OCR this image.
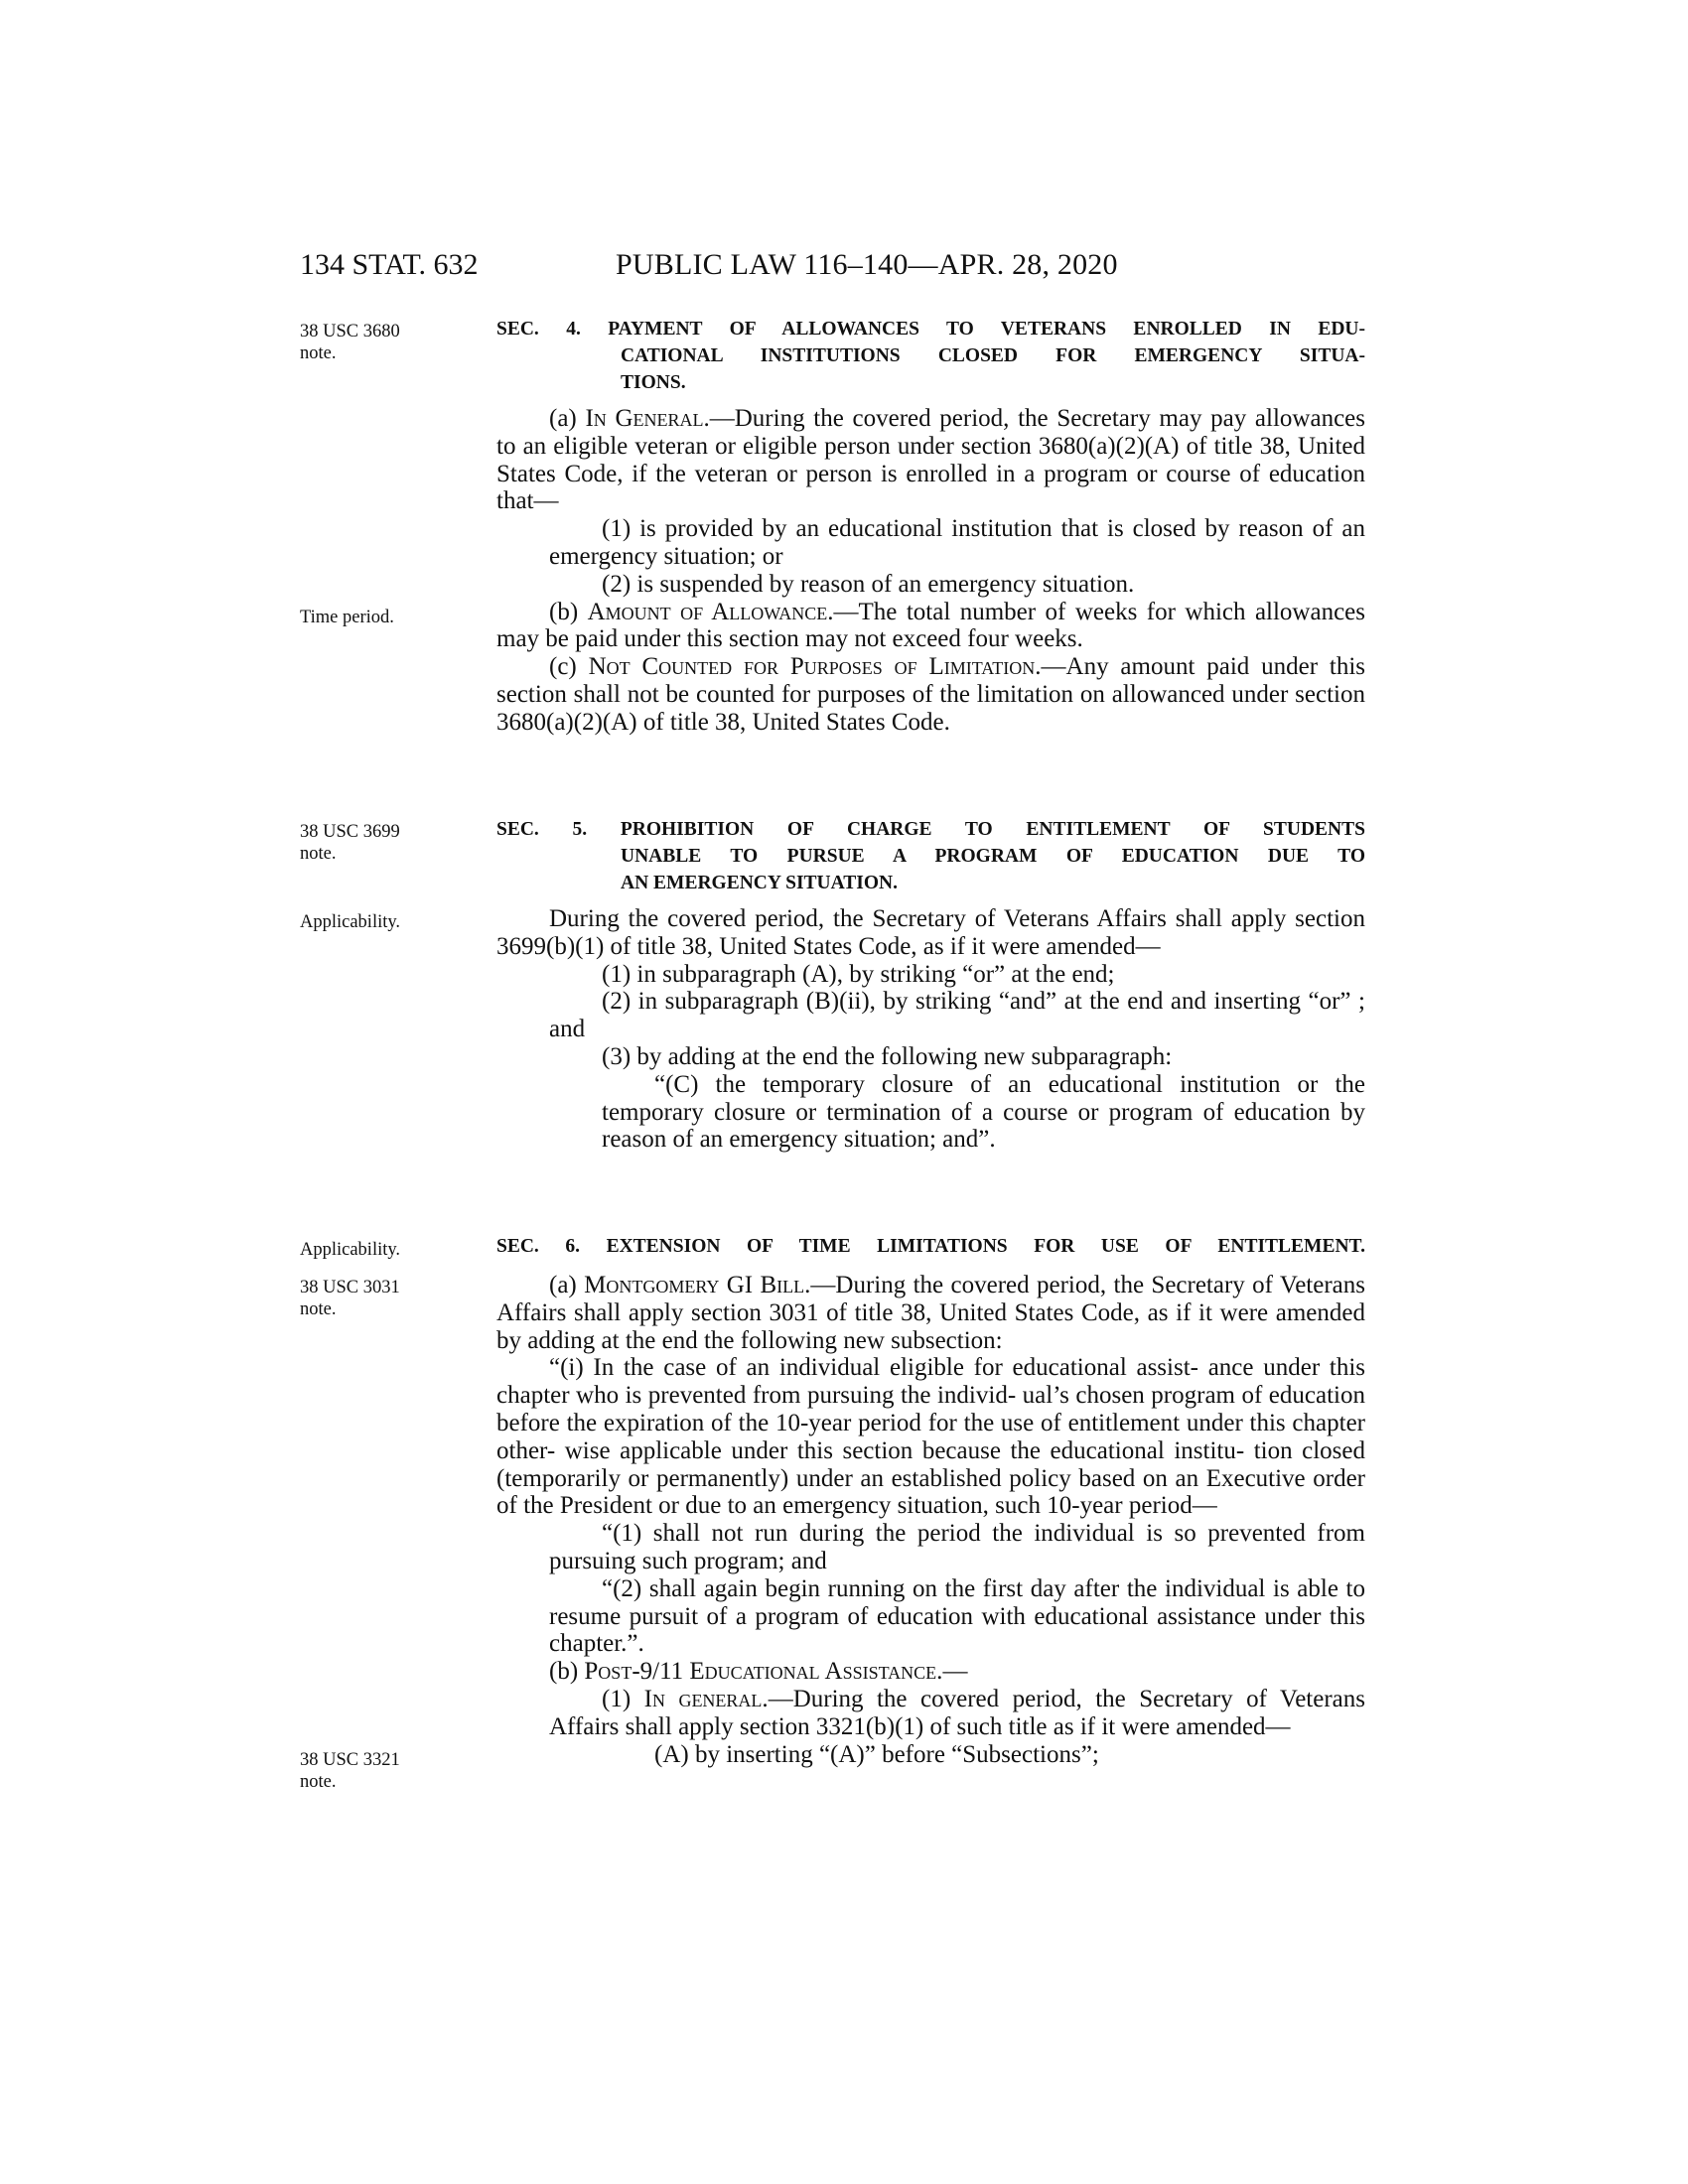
134 STAT. 632	PUBLIC LAW 116–140—APR. 28, 2020
38 USC 3680
note.
Time period.
38 USC 3699
note.
Applicability.
Applicability.
38 USC 3031
note.
38 USC 3321
note.
SEC. 4. PAYMENT OF ALLOWANCES TO VETERANS ENROLLED IN EDU-
CATIONAL INSTITUTIONS CLOSED FOR EMERGENCY SITUA-
TIONS.

(a) In General.—During the covered period, the Secretary may pay allowances to an eligible veteran or eligible person under section 3680(a)(2)(A) of title 38, United States Code, if the veteran or person is enrolled in a program or course of education that—

(1) is provided by an educational institution that is closed by reason of an emergency situation; or

(2) is suspended by reason of an emergency situation.

(b) Amount of Allowance.—The total number of weeks for which allowances may be paid under this section may not exceed four weeks.

(c) Not Counted for Purposes of Limitation.—Any amount paid under this section shall not be counted for purposes of the limitation on allowanced under section 3680(a)(2)(A) of title 38, United States Code.

SEC. 5. PROHIBITION OF CHARGE TO ENTITLEMENT OF STUDENTS
UNABLE TO PURSUE A PROGRAM OF EDUCATION DUE TO
AN EMERGENCY SITUATION.

During the covered period, the Secretary of Veterans Affairs shall apply section 3699(b)(1) of title 38, United States Code, as if it were amended—

(1) in subparagraph (A), by striking “or” at the end;

(2) in subparagraph (B)(ii), by striking “and” at the end and inserting “or” ; and

(3) by adding at the end the following new subparagraph:

“(C) the temporary closure of an educational institution or the temporary closure or termination of a course or program of education by reason of an emergency situation; and”.

SEC. 6. EXTENSION OF TIME LIMITATIONS FOR USE OF ENTITLEMENT.

(a) Montgomery GI Bill.—During the covered period, the Secretary of Veterans Affairs shall apply section 3031 of title 38, United States Code, as if it were amended by adding at the end the following new subsection:

“(i) In the case of an individual eligible for educational assist- ance under this chapter who is prevented from pursuing the individ- ual’s chosen program of education before the expiration of the 10-year period for the use of entitlement under this chapter other- wise applicable under this section because the educational institu- tion closed (temporarily or permanently) under an established policy based on an Executive order of the President or due to an emergency situation, such 10-year period—

“(1) shall not run during the period the individual is so prevented from pursuing such program; and

“(2) shall again begin running on the first day after the individual is able to resume pursuit of a program of education with educational assistance under this chapter.”.

(b) Post-9/11 Educational Assistance.—

(1) In general.—During the covered period, the Secretary of Veterans Affairs shall apply section 3321(b)(1) of such title as if it were amended—

(A) by inserting “(A)” before “Subsections”;
